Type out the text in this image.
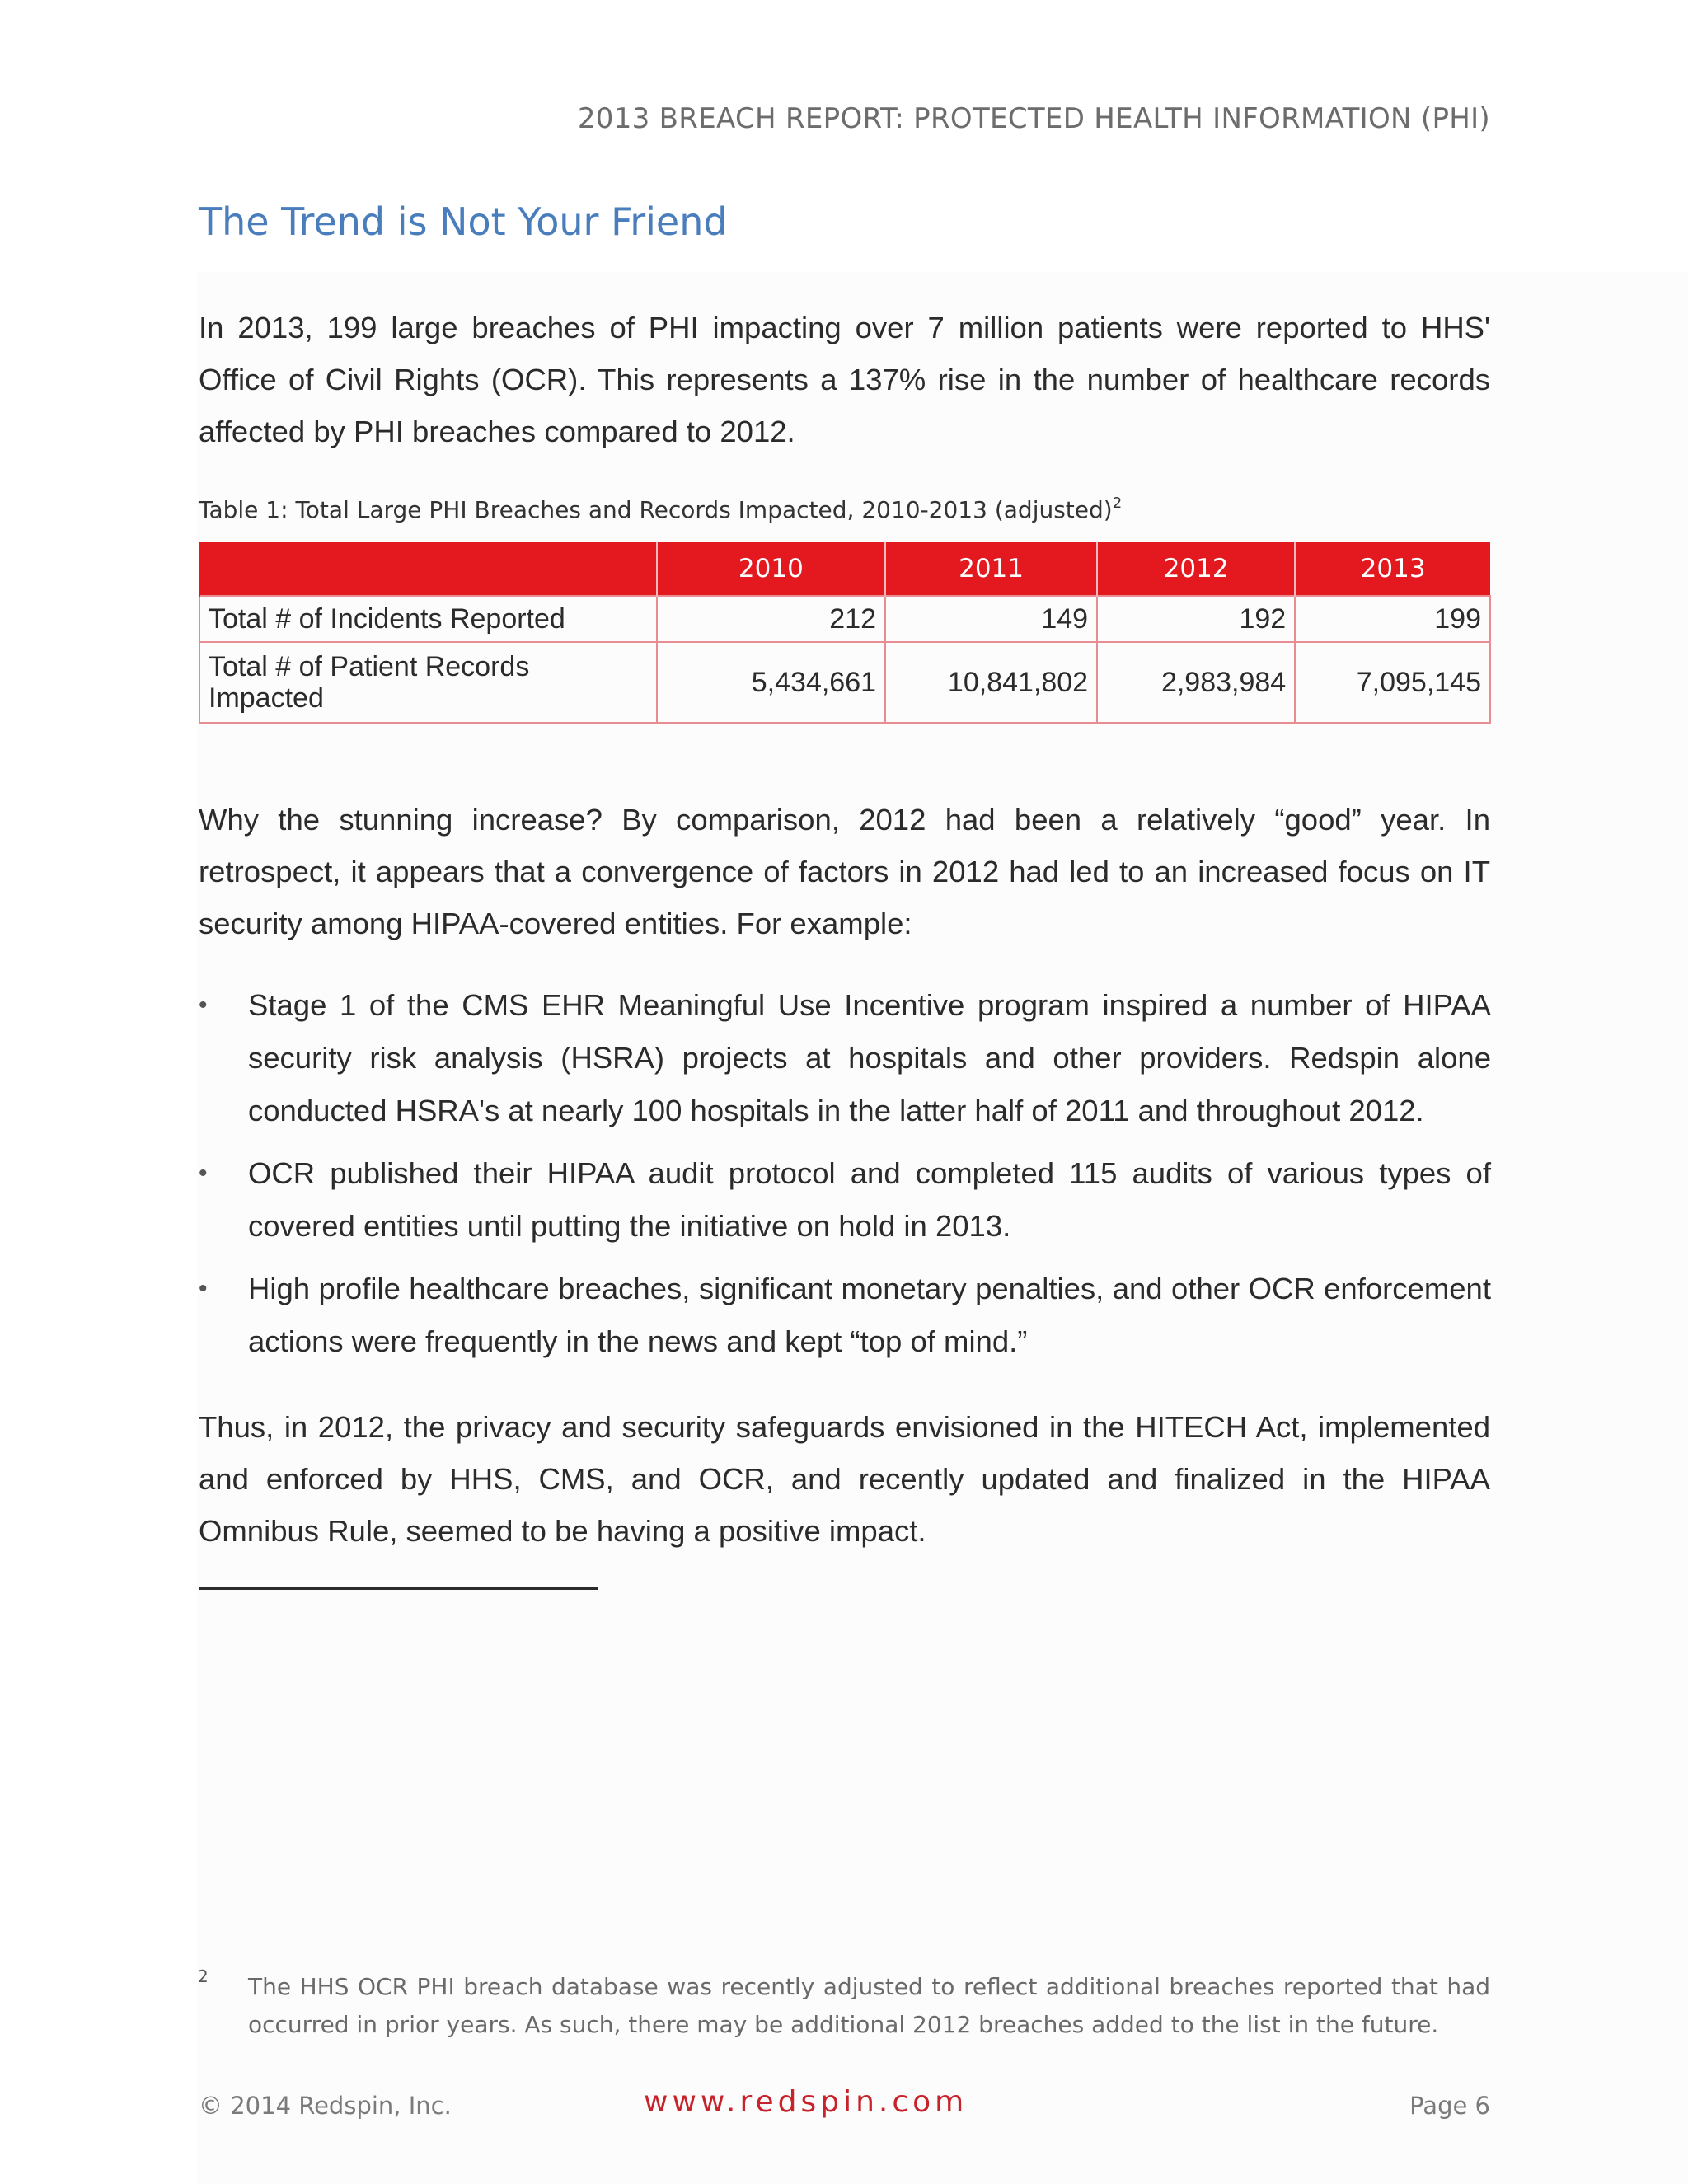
2013 BREACH REPORT: PROTECTED HEALTH INFORMATION (PHI)
The Trend is Not Your Friend

In 2013, 199 large breaches of PHI impacting over 7 million patients were reported to HHS' Office of Civil Rights (OCR). This represents a 137% rise in the number of healthcare records affected by PHI breaches compared to 2012.

Table 1: Total Large PHI Breaches and Records Impacted, 2010-2013 (adjusted)$^2$
	2010	2011	2012	2013
Total # of Incidents Reported	212	149	192	199
Total # of Patient Records Impacted	5,434,661	10,841,802	2,983,984	7,095,145

Why the stunning increase? By comparison, 2012 had been a relatively “good” year. In retrospect, it appears that a convergence of factors in 2012 had led to an increased focus on IT security among HIPAA-covered entities. For example:

• Stage 1 of the CMS EHR Meaningful Use Incentive program inspired a number of HIPAA security risk analysis (HSRA) projects at hospitals and other providers. Redspin alone conducted HSRA's at nearly 100 hospitals in the latter half of 2011 and throughout 2012.
• OCR published their HIPAA audit protocol and completed 115 audits of various types of covered entities until putting the initiative on hold in 2013.
• High profile healthcare breaches, significant monetary penalties, and other OCR enforcement actions were frequently in the news and kept “top of mind.”

Thus, in 2012, the privacy and security safeguards envisioned in the HITECH Act, implemented and enforced by HHS, CMS, and OCR, and recently updated and finalized in the HIPAA Omnibus Rule, seemed to be having a positive impact.

2 The HHS OCR PHI breach database was recently adjusted to reflect additional breaches reported that had occurred in prior years. As such, there may be additional 2012 breaches added to the list in the future.

© 2014 Redspin, Inc.	www.redspin.com	Page 6
